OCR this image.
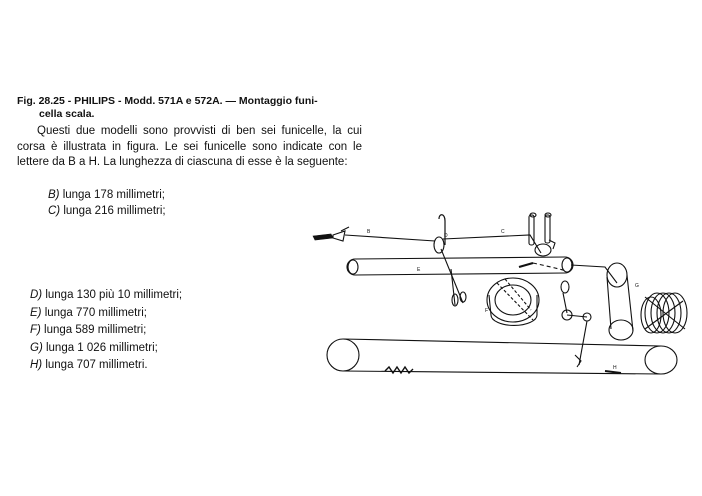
Fig. 28.25 - PHILIPS - Modd. 571A e 572A. — Montaggio funi-
cella scala.
Questi due modelli sono provvisti di ben sei funicelle, la cui corsa è illustrata in figura. Le sei funicelle sono indicate con le lettere da B a H. La lunghezza di ciascuna di esse è la seguente:
B) lunga 178 millimetri;
C) lunga 216 millimetri;
D) lunga 130 più 10 millimetri;
E) lunga 770 millimetri;
F) lunga 589 millimetri;
G) lunga 1 026 millimetri;
H) lunga 707 millimetri.
B
D
C
E
F
G
H
